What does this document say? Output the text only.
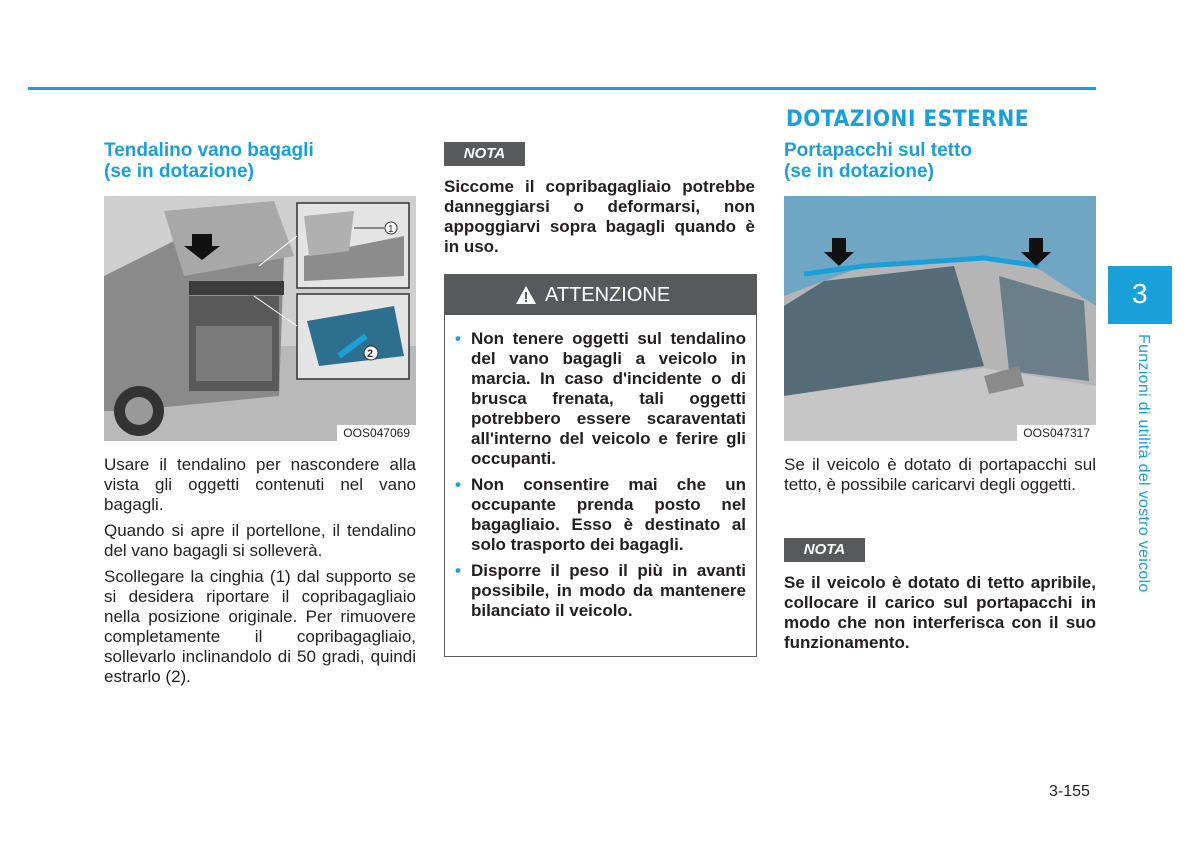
DOTAZIONI ESTERNE
Tendalino vano bagagli
(se in dotazione)
1
2
OOS047069

Usare il tendalino per nascondere alla vista gli oggetti contenuti nel vano bagagli.

Quando si apre il portellone, il tendalino del vano bagagli si solleverà.

Scollegare la cinghia (1) dal supporto se si desidera riportare il copribagagliaio nella posizione originale. Per rimuovere completamente il copribagagliaio, sollevarlo inclinandolo di 50 gradi, quindi estrarlo (2).

NOTA
Siccome il copribagagliaio potrebbe danneggiarsi o deformarsi, non appoggiarvi sopra bagagli quando è in uso.
ATTENZIONE
• Non tenere oggetti sul tendalino del vano bagagli a veicolo in marcia. In caso d'incidente o di brusca frenata, tali oggetti potrebbero essere scaraventati all'interno del veicolo e ferire gli occupanti.
• Non consentire mai che un occupante prenda posto nel bagagliaio. Esso è destinato al solo trasporto dei bagagli.
• Disporre il peso il più in avanti possibile, in modo da mantenere bilanciato il veicolo.
Portapacchi sul tetto
(se in dotazione)
OOS047317
Se il veicolo è dotato di portapacchi sul tetto, è possibile caricarvi degli oggetti.
NOTA
Se il veicolo è dotato di tetto apribile, collocare il carico sul portapacchi in modo che non interferisca con il suo funzionamento.
3
Funzioni di utilità del vostro veicolo
3-155
